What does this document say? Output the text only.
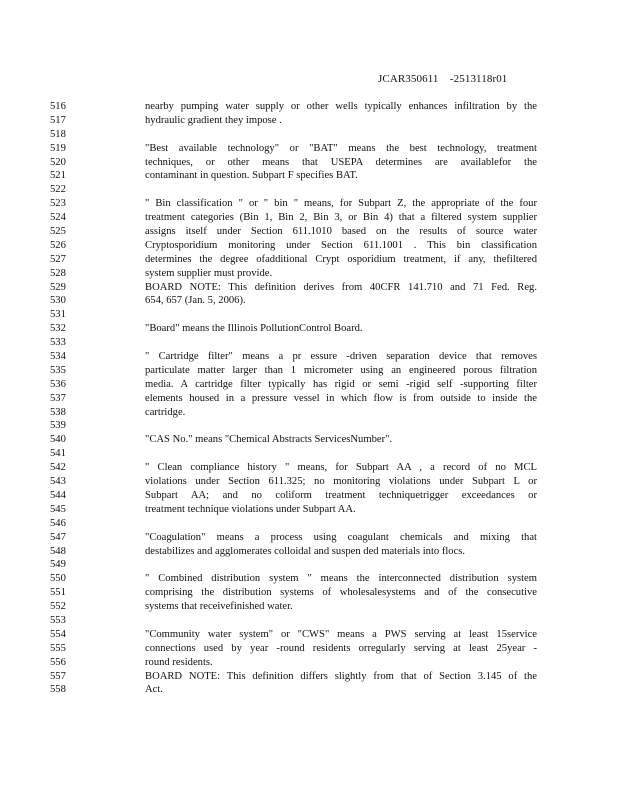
JCAR350611    -2513118r01
516	nearby pumping water supply or other wells typically enhances infiltration by the
517	hydraulic gradient they impose .
518
519	"Best available technology" or "BAT" means the best technology, treatment
520	techniques, or other means that USEPA determines are availablefor the
521	contaminant in question. Subpart F specifies BAT.
522
523	" Bin classification " or " bin " means, for Subpart Z, the appropriate of the four
524	treatment categories (Bin 1, Bin 2, Bin 3, or Bin 4) that a filtered system supplier
525	assigns itself under Section 611.1010 based on the results of source water
526	Cryptosporidium monitoring under Section 611.1001 . This bin classification
527	determines the degree ofadditional Crypt osporidium treatment, if any, thefiltered
528	system supplier must provide.
529	BOARD NOTE: This definition derives from 40CFR 141.710 and 71 Fed. Reg.
530	654, 657 (Jan. 5, 2006).
531
532	"Board" means the Illinois PollutionControl Board.
533
534	" Cartridge filter" means a pr essure -driven separation device that removes
535	particulate matter larger than 1 micrometer using an engineered porous filtration
536	media. A cartridge filter typically has rigid or semi -rigid self -supporting filter
537	elements housed in a pressure vessel in which flow is from outside to inside the
538	cartridge.
539
540	"CAS No." means "Chemical Abstracts ServicesNumber".
541
542	" Clean compliance history " means, for Subpart AA , a record of no MCL
543	violations under Section 611.325; no monitoring violations under Subpart L or
544	Subpart AA; and no coliform treatment techniquetrigger exceedances or
545	treatment technique violations under Subpart AA.
546
547	"Coagulation" means a process using coagulant chemicals and mixing that
548	destabilizes and agglomerates colloidal and suspen ded materials into flocs.
549
550	" Combined distribution system " means the interconnected distribution system
551	comprising the distribution systems of wholesalesystems and of the consecutive
552	systems that receivefinished water.
553
554	"Community water system" or "CWS" means a PWS serving at least 15service
555	connections used by year -round residents orregularly serving at least 25year -
556	round residents.
557	BOARD NOTE: This definition differs slightly from that of Section 3.145 of the
558	Act.
